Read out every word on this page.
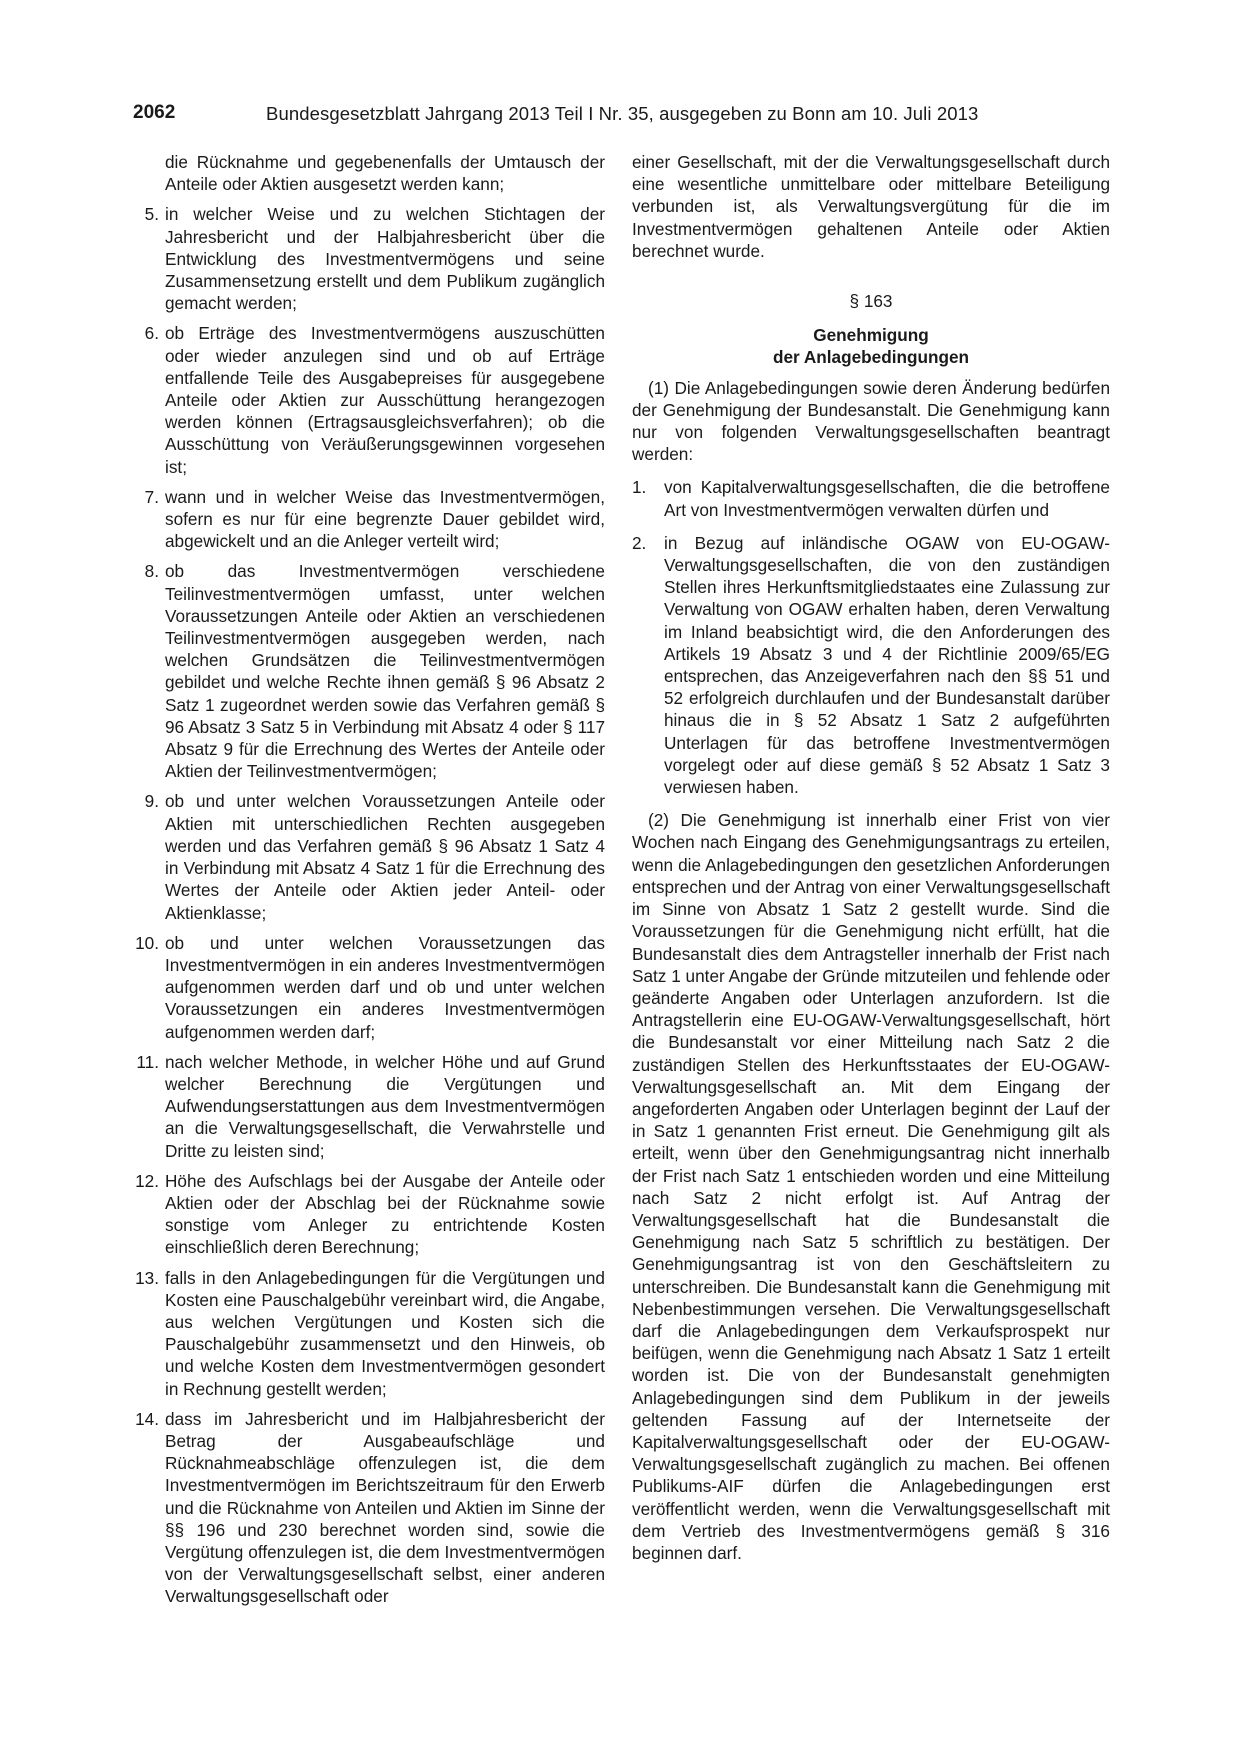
2062	Bundesgesetzblatt Jahrgang 2013 Teil I Nr. 35, ausgegeben zu Bonn am 10. Juli 2013

die Rücknahme und gegebenenfalls der Umtausch der Anteile oder Aktien ausgesetzt werden kann;

5. in welcher Weise und zu welchen Stichtagen der Jahresbericht und der Halbjahresbericht über die Entwicklung des Investmentvermögens und seine Zusammensetzung erstellt und dem Publikum zugänglich gemacht werden;
6. ob Erträge des Investmentvermögens auszuschütten oder wieder anzulegen sind und ob auf Erträge entfallende Teile des Ausgabepreises für ausgegebene Anteile oder Aktien zur Ausschüttung herangezogen werden können (Ertragsausgleichsverfahren); ob die Ausschüttung von Veräußerungsgewinnen vorgesehen ist;
7. wann und in welcher Weise das Investmentvermögen, sofern es nur für eine begrenzte Dauer gebildet wird, abgewickelt und an die Anleger verteilt wird;
8. ob das Investmentvermögen verschiedene Teilinvestmentvermögen umfasst, unter welchen Voraussetzungen Anteile oder Aktien an verschiedenen Teilinvestmentvermögen ausgegeben werden, nach welchen Grundsätzen die Teilinvestmentvermögen gebildet und welche Rechte ihnen gemäß § 96 Absatz 2 Satz 1 zugeordnet werden sowie das Verfahren gemäß § 96 Absatz 3 Satz 5 in Verbindung mit Absatz 4 oder § 117 Absatz 9 für die Errechnung des Wertes der Anteile oder Aktien der Teilinvestmentvermögen;
9. ob und unter welchen Voraussetzungen Anteile oder Aktien mit unterschiedlichen Rechten ausgegeben werden und das Verfahren gemäß § 96 Absatz 1 Satz 4 in Verbindung mit Absatz 4 Satz 1 für die Errechnung des Wertes der Anteile oder Aktien jeder Anteil- oder Aktienklasse;
10. ob und unter welchen Voraussetzungen das Investmentvermögen in ein anderes Investmentvermögen aufgenommen werden darf und ob und unter welchen Voraussetzungen ein anderes Investmentvermögen aufgenommen werden darf;
11. nach welcher Methode, in welcher Höhe und auf Grund welcher Berechnung die Vergütungen und Aufwendungserstattungen aus dem Investmentvermögen an die Verwaltungsgesellschaft, die Verwahrstelle und Dritte zu leisten sind;
12. Höhe des Aufschlags bei der Ausgabe der Anteile oder Aktien oder der Abschlag bei der Rücknahme sowie sonstige vom Anleger zu entrichtende Kosten einschließlich deren Berechnung;
13. falls in den Anlagebedingungen für die Vergütungen und Kosten eine Pauschalgebühr vereinbart wird, die Angabe, aus welchen Vergütungen und Kosten sich die Pauschalgebühr zusammensetzt und den Hinweis, ob und welche Kosten dem Investmentvermögen gesondert in Rechnung gestellt werden;
14. dass im Jahresbericht und im Halbjahresbericht der Betrag der Ausgabeaufschläge und Rücknahmeabschläge offenzulegen ist, die dem Investmentvermögen im Berichtszeitraum für den Erwerb und die Rücknahme von Anteilen und Aktien im Sinne der §§ 196 und 230 berechnet worden sind, sowie die Vergütung offenzulegen ist, die dem Investmentvermögen von der Verwaltungsgesellschaft selbst, einer anderen Verwaltungsgesellschaft oder

einer Gesellschaft, mit der die Verwaltungsgesellschaft durch eine wesentliche unmittelbare oder mittelbare Beteiligung verbunden ist, als Verwaltungsvergütung für die im Investmentvermögen gehaltenen Anteile oder Aktien berechnet wurde.

§ 163

Genehmigung
der Anlagebedingungen

(1) Die Anlagebedingungen sowie deren Änderung bedürfen der Genehmigung der Bundesanstalt. Die Genehmigung kann nur von folgenden Verwaltungsgesellschaften beantragt werden:

1. von Kapitalverwaltungsgesellschaften, die die betroffene Art von Investmentvermögen verwalten dürfen und
2. in Bezug auf inländische OGAW von EU-OGAW-Verwaltungsgesellschaften, die von den zuständigen Stellen ihres Herkunftsmitgliedstaates eine Zulassung zur Verwaltung von OGAW erhalten haben, deren Verwaltung im Inland beabsichtigt wird, die den Anforderungen des Artikels 19 Absatz 3 und 4 der Richtlinie 2009/65/EG entsprechen, das Anzeigeverfahren nach den §§ 51 und 52 erfolgreich durchlaufen und der Bundesanstalt darüber hinaus die in § 52 Absatz 1 Satz 2 aufgeführten Unterlagen für das betroffene Investmentvermögen vorgelegt oder auf diese gemäß § 52 Absatz 1 Satz 3 verwiesen haben.

(2) Die Genehmigung ist innerhalb einer Frist von vier Wochen nach Eingang des Genehmigungsantrags zu erteilen, wenn die Anlagebedingungen den gesetzlichen Anforderungen entsprechen und der Antrag von einer Verwaltungsgesellschaft im Sinne von Absatz 1 Satz 2 gestellt wurde. Sind die Voraussetzungen für die Genehmigung nicht erfüllt, hat die Bundesanstalt dies dem Antragsteller innerhalb der Frist nach Satz 1 unter Angabe der Gründe mitzuteilen und fehlende oder geänderte Angaben oder Unterlagen anzufordern. Ist die Antragstellerin eine EU-OGAW-Verwaltungsgesellschaft, hört die Bundesanstalt vor einer Mitteilung nach Satz 2 die zuständigen Stellen des Herkunftsstaates der EU-OGAW-Verwaltungsgesellschaft an. Mit dem Eingang der angeforderten Angaben oder Unterlagen beginnt der Lauf der in Satz 1 genannten Frist erneut. Die Genehmigung gilt als erteilt, wenn über den Genehmigungsantrag nicht innerhalb der Frist nach Satz 1 entschieden worden und eine Mitteilung nach Satz 2 nicht erfolgt ist. Auf Antrag der Verwaltungsgesellschaft hat die Bundesanstalt die Genehmigung nach Satz 5 schriftlich zu bestätigen. Der Genehmigungsantrag ist von den Geschäftsleitern zu unterschreiben. Die Bundesanstalt kann die Genehmigung mit Nebenbestimmungen versehen. Die Verwaltungsgesellschaft darf die Anlagebedingungen dem Verkaufsprospekt nur beifügen, wenn die Genehmigung nach Absatz 1 Satz 1 erteilt worden ist. Die von der Bundesanstalt genehmigten Anlagebedingungen sind dem Publikum in der jeweils geltenden Fassung auf der Internetseite der Kapitalverwaltungsgesellschaft oder der EU-OGAW-Verwaltungsgesellschaft zugänglich zu machen. Bei offenen Publikums-AIF dürfen die Anlagebedingungen erst veröffentlicht werden, wenn die Verwaltungsgesellschaft mit dem Vertrieb des Investmentvermögens gemäß § 316 beginnen darf.
